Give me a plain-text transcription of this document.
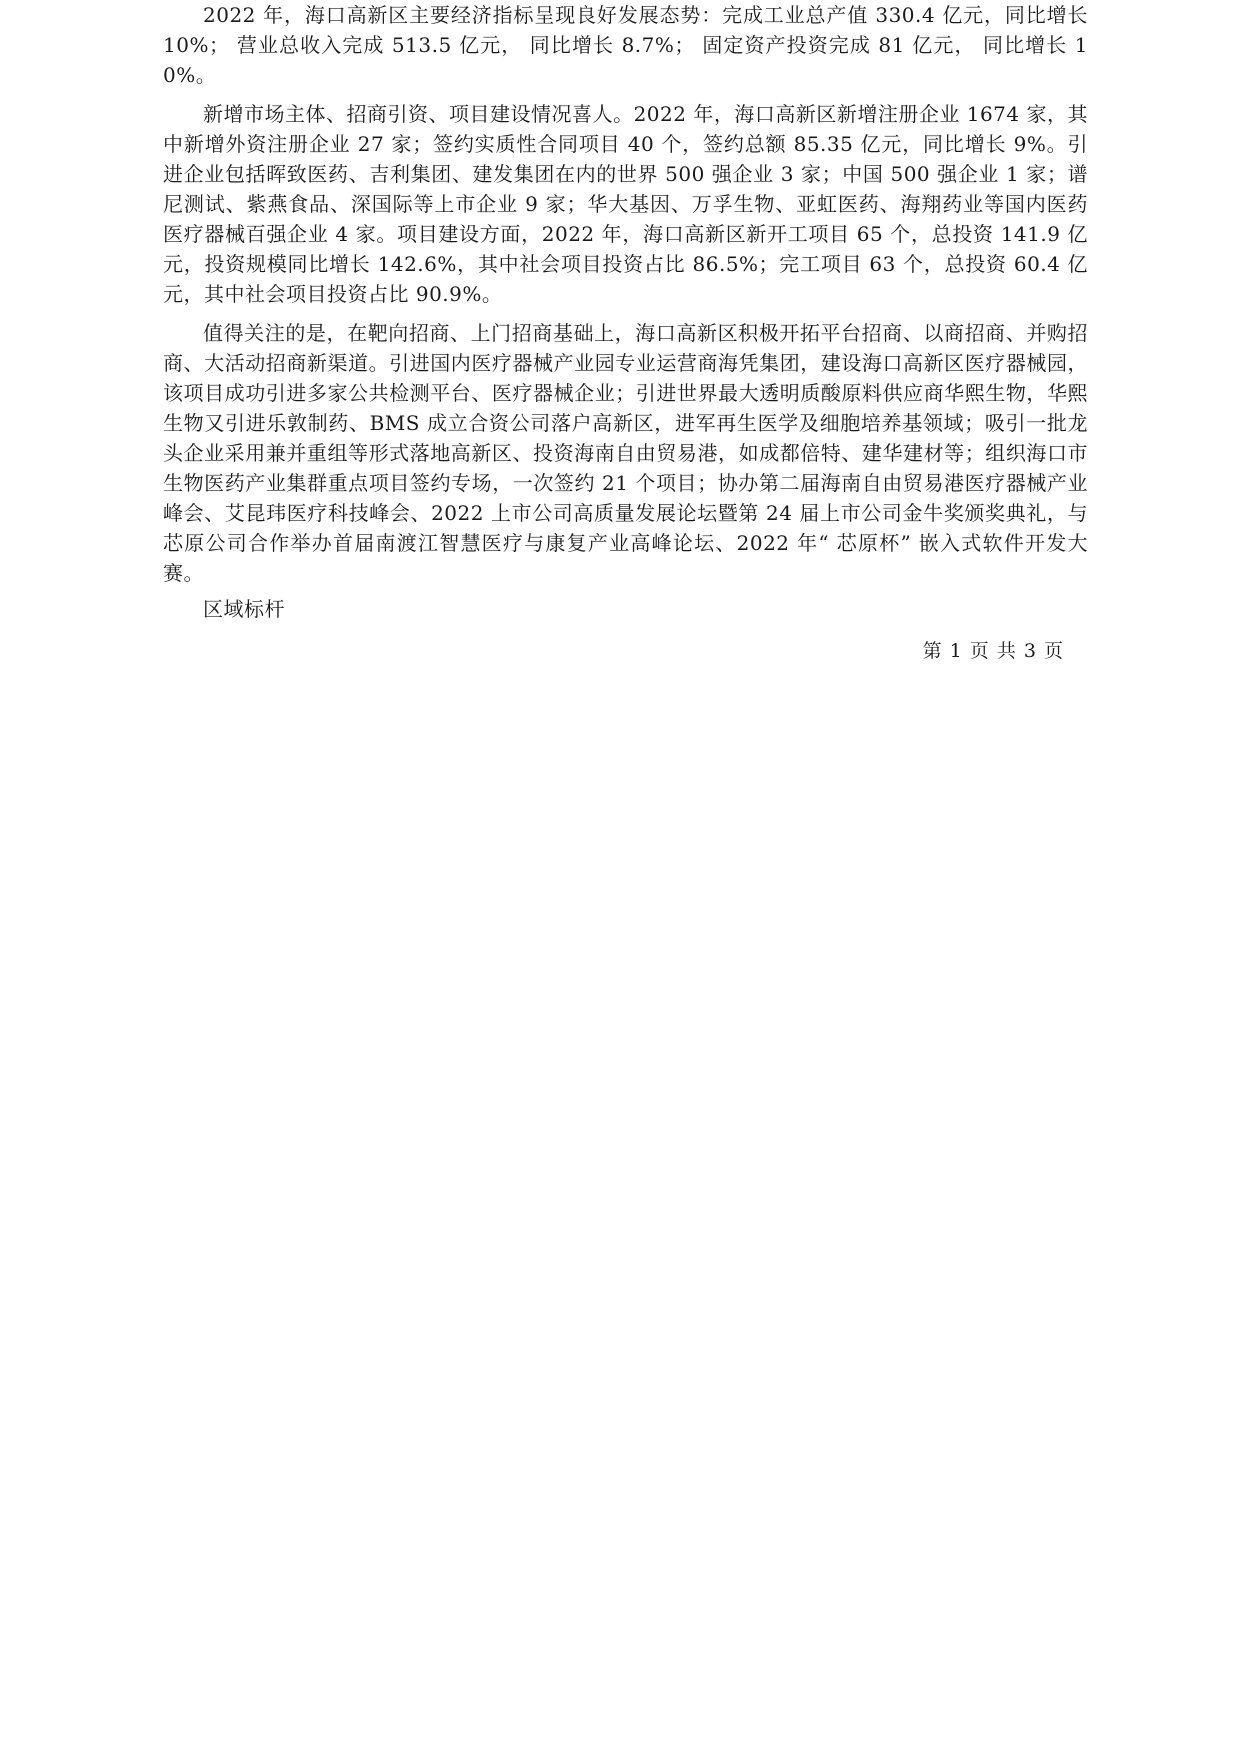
2022 年，海口高新区主要经济指标呈现良好发展态势：完成工业总产值 330.4 亿元，同比增长 10%； 营业总收入完成 513.5 亿元， 同比增长 8.7%； 固定资产投资完成 81 亿元， 同比增长 10%。

新增市场主体、招商引资、项目建设情况喜人。2022 年，海口高新区新增注册企业 1674 家，其中新增外资注册企业 27 家；签约实质性合同项目 40 个，签约总额 85.35 亿元，同比增长 9%。引进企业包括晖致医药、吉利集团、建发集团在内的世界 500 强企业 3 家；中国 500 强企业 1 家；谱尼测试、紫燕食品、深国际等上市企业 9 家；华大基因、万孚生物、亚虹医药、海翔药业等国内医药医疗器械百强企业 4 家。项目建设方面，2022 年，海口高新区新开工项目 65 个，总投资 141.9 亿元，投资规模同比增长 142.6%，其中社会项目投资占比 86.5%；完工项目 63 个，总投资 60.4 亿元，其中社会项目投资占比 90.9%。

值得关注的是，在靶向招商、上门招商基础上，海口高新区积极开拓平台招商、以商招商、并购招商、大活动招商新渠道。引进国内医疗器械产业园专业运营商海凭集团，建设海口高新区医疗器械园，该项目成功引进多家公共检测平台、医疗器械企业；引进世界最大透明质酸原料供应商华熙生物，华熙生物又引进乐敦制药、BMS 成立合资公司落户高新区，进军再生医学及细胞培养基领域；吸引一批龙头企业采用兼并重组等形式落地高新区、投资海南自由贸易港，如成都倍特、建华建材等；组织海口市生物医药产业集群重点项目签约专场，一次签约 21 个项目；协办第二届海南自由贸易港医疗器械产业峰会、艾昆玮医疗科技峰会、2022 上市公司高质量发展论坛暨第 24 届上市公司金牛奖颁奖典礼，与芯原公司合作举办首届南渡江智慧医疗与康复产业高峰论坛、2022 年“ 芯原杯” 嵌入式软件开发大赛。

区域标杆

第 1 页 共 3 页
